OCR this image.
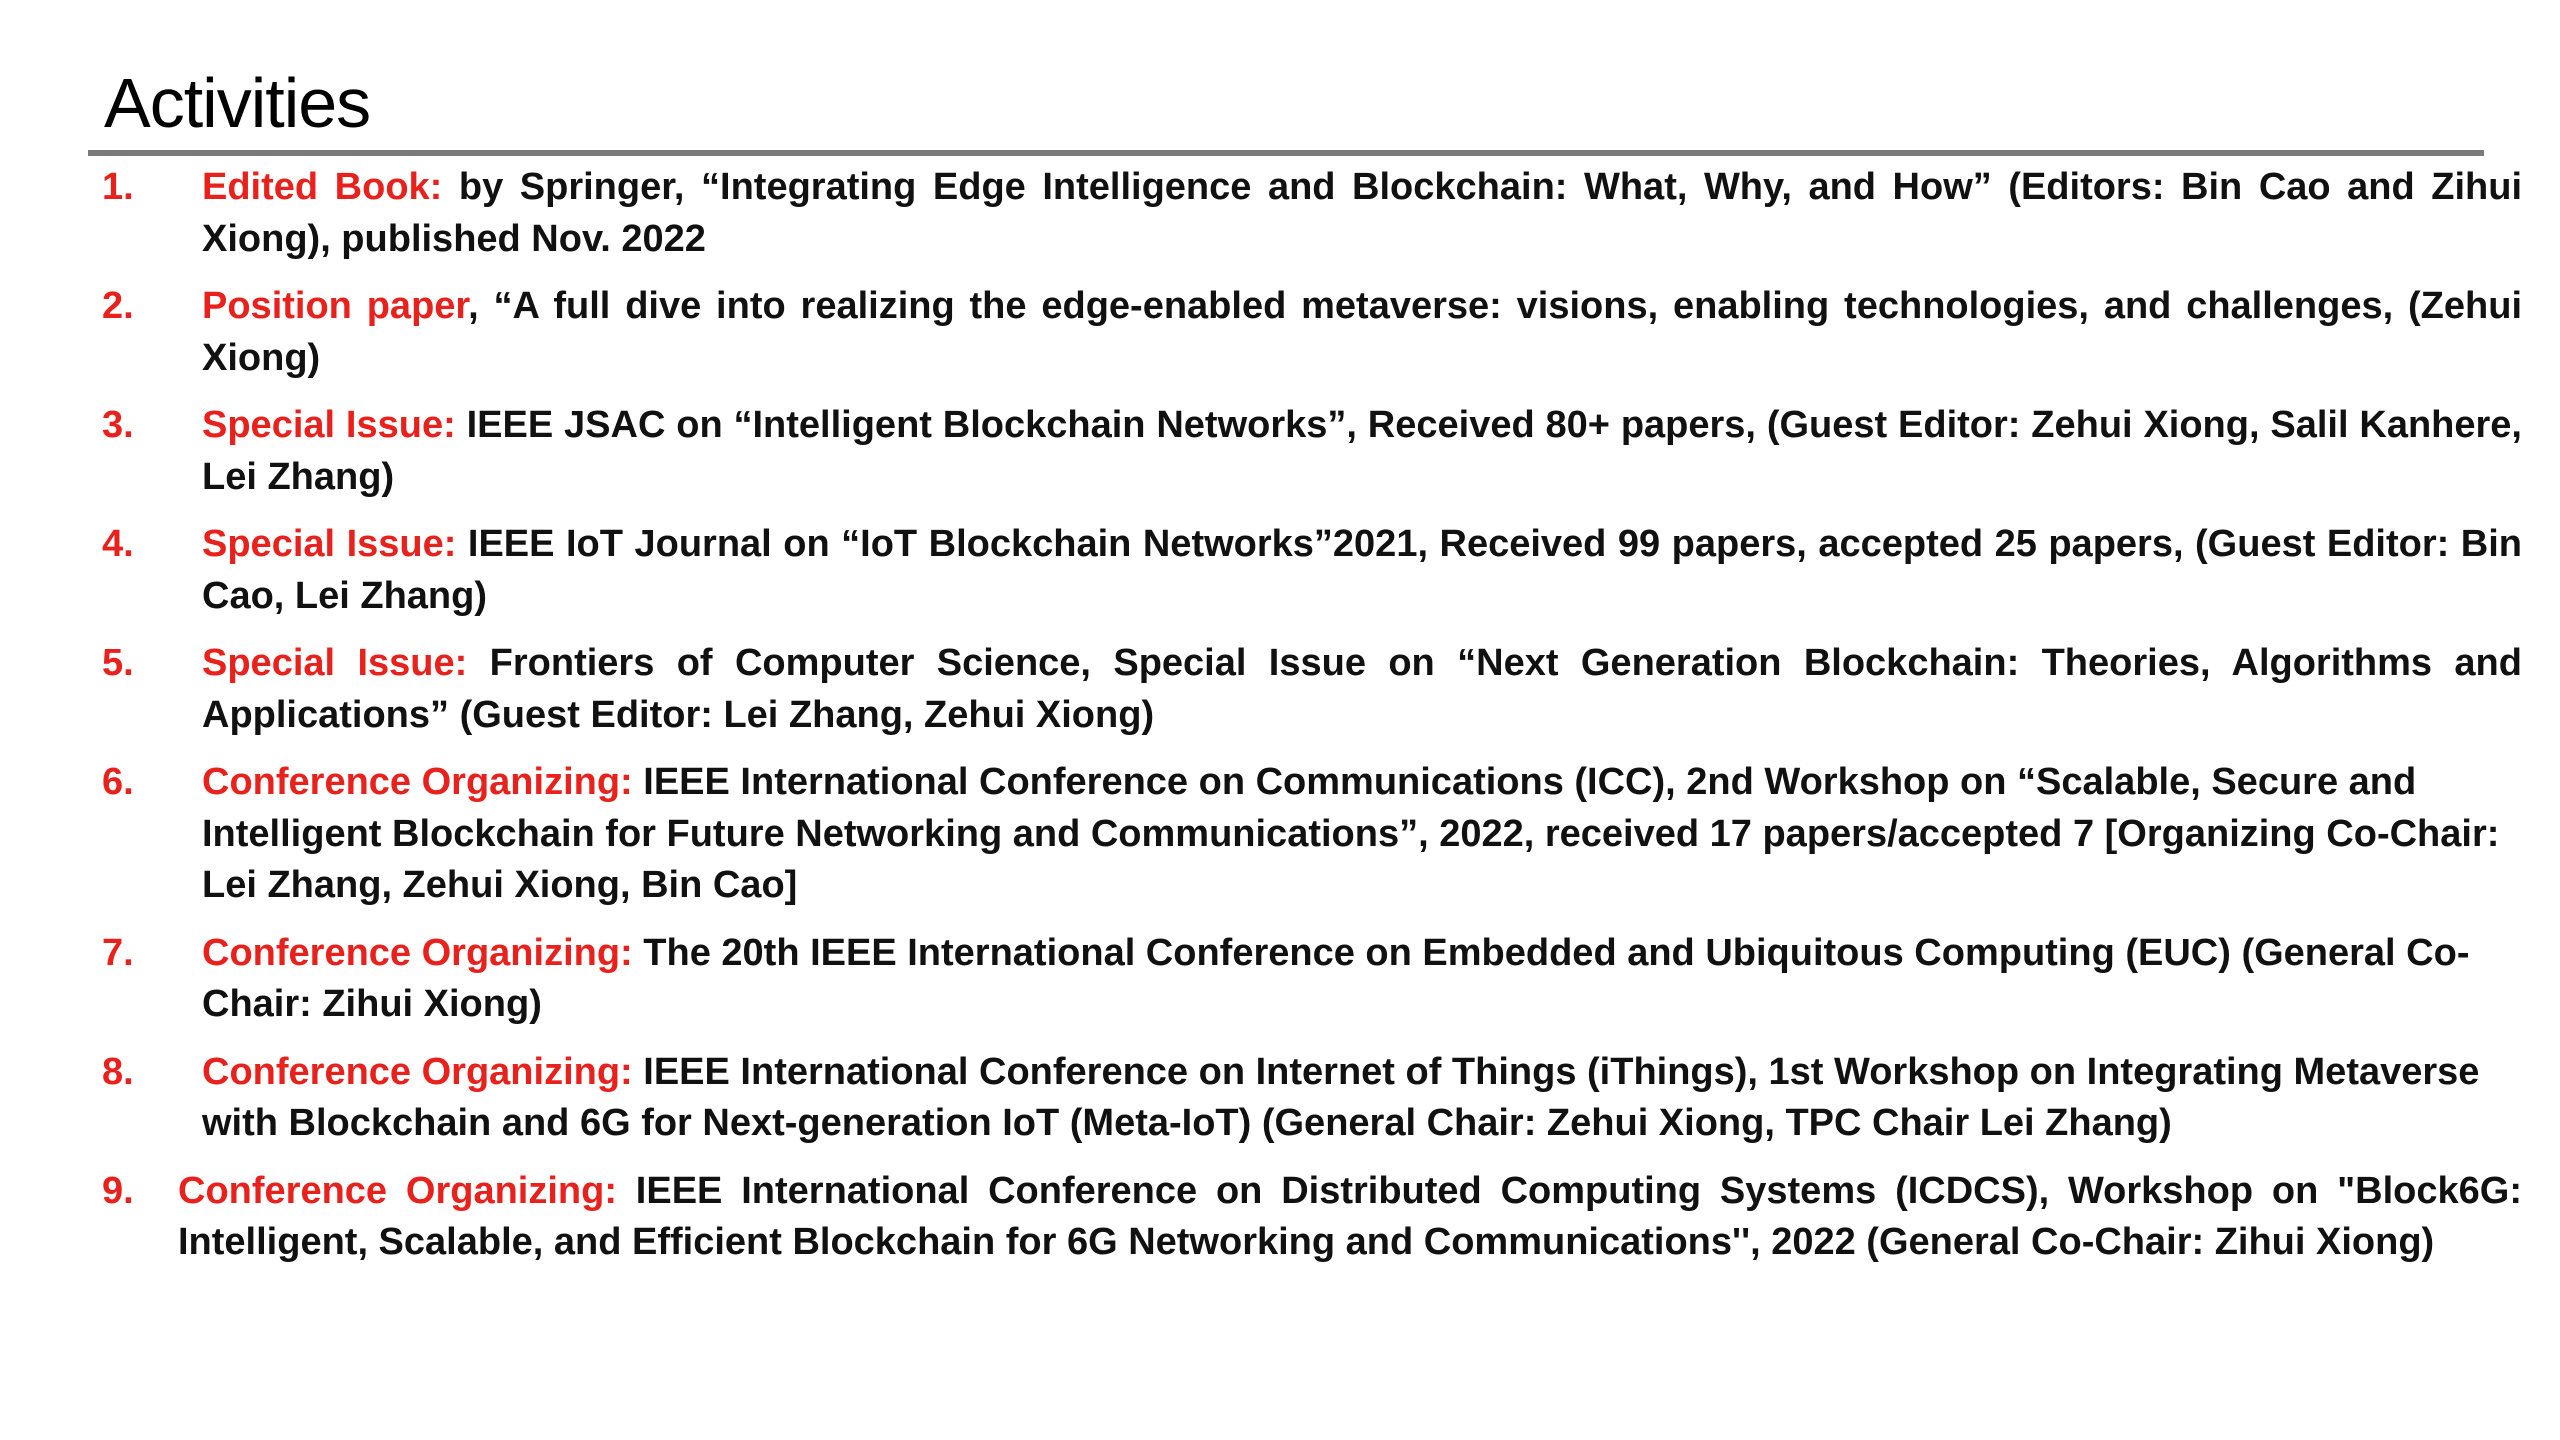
Activities
1.	Edited Book: by Springer, “Integrating Edge Intelligence and Blockchain: What, Why, and How” (Editors: Bin Cao and Zihui Xiong), published Nov. 2022
2.	Position paper, “A full dive into realizing the edge-enabled metaverse: visions, enabling technologies, and challenges, (Zehui Xiong)
3.	Special Issue: IEEE JSAC on “Intelligent Blockchain Networks”, Received 80+ papers, (Guest Editor: Zehui Xiong, Salil Kanhere, Lei Zhang)
4.	Special Issue: IEEE IoT Journal on “IoT Blockchain Networks”2021, Received 99 papers, accepted 25 papers, (Guest Editor: Bin Cao, Lei Zhang)
5.	Special Issue: Frontiers of Computer Science, Special Issue on “Next Generation Blockchain: Theories, Algorithms and Applications” (Guest Editor: Lei Zhang, Zehui Xiong)
6.	Conference Organizing: IEEE International Conference on Communications (ICC), 2nd Workshop on “Scalable, Secure and Intelligent Blockchain for Future Networking and Communications”, 2022, received 17 papers/accepted 7 [Organizing Co-Chair: Lei Zhang, Zehui Xiong, Bin Cao]
7.	Conference Organizing: The 20th IEEE International Conference on Embedded and Ubiquitous Computing (EUC) (General Co-Chair: Zihui Xiong)
8.	Conference Organizing: IEEE International Conference on Internet of Things (iThings), 1st Workshop on Integrating Metaverse with Blockchain and 6G for Next-generation IoT (Meta-IoT) (General Chair: Zehui Xiong, TPC Chair Lei Zhang)
9.	Conference Organizing: IEEE International Conference on Distributed Computing Systems (ICDCS), Workshop on "Block6G: Intelligent, Scalable, and Efficient Blockchain for 6G Networking and Communications'', 2022 (General Co-Chair: Zihui Xiong)
